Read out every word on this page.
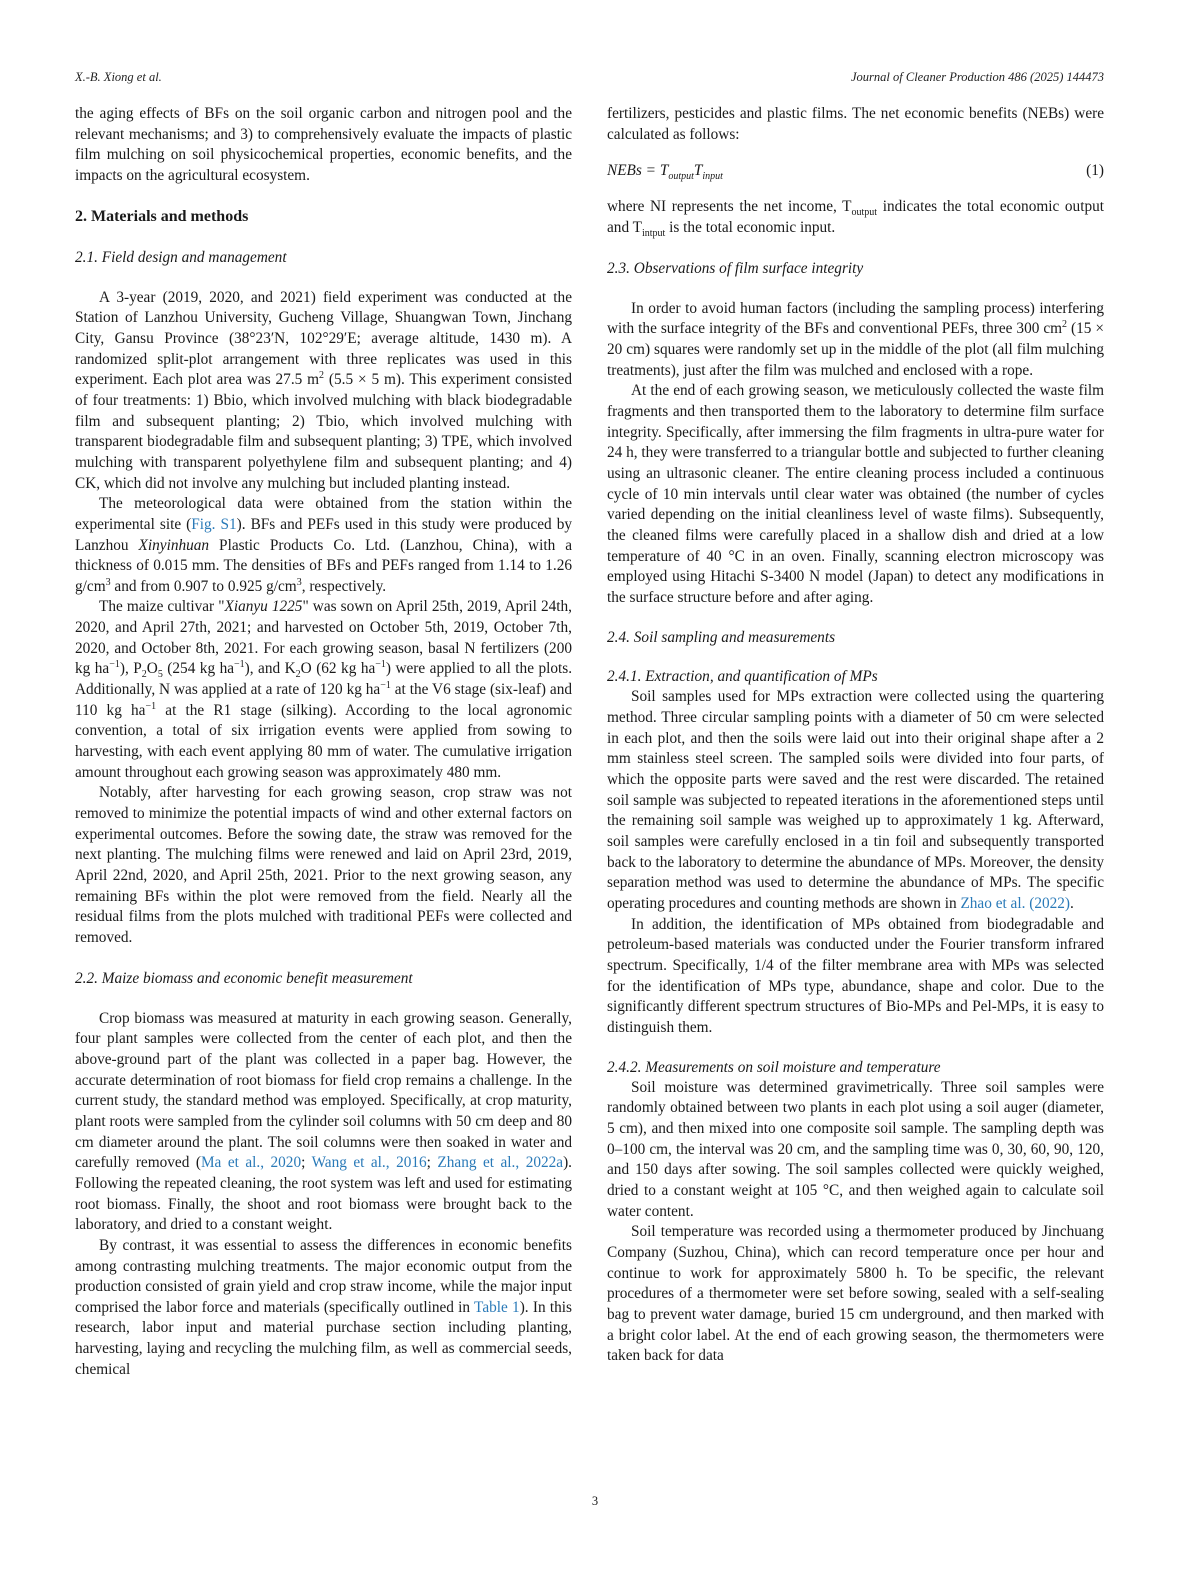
X.-B. Xiong et al.	Journal of Cleaner Production 486 (2025) 144473

the aging effects of BFs on the soil organic carbon and nitrogen pool and the relevant mechanisms; and 3) to comprehensively evaluate the impacts of plastic film mulching on soil physicochemical properties, economic benefits, and the impacts on the agricultural ecosystem.

2. Materials and methods
2.1. Field design and management

A 3-year (2019, 2020, and 2021) field experiment was conducted at the Station of Lanzhou University, Gucheng Village, Shuangwan Town, Jinchang City, Gansu Province (38°23′N, 102°29′E; average altitude, 1430 m). A randomized split-plot arrangement with three replicates was used in this experiment. Each plot area was 27.5 $m^2$ (5.5 × 5 m). This experiment consisted of four treatments: 1) Bbio, which involved mulching with black biodegradable film and subsequent planting; 2) Tbio, which involved mulching with transparent biodegradable film and subsequent planting; 3) TPE, which involved mulching with transparent polyethylene film and subsequent planting; and 4) CK, which did not involve any mulching but included planting instead.

The meteorological data were obtained from the station within the experimental site (Fig. S1). BFs and PEFs used in this study were produced by Lanzhou Xinyinhuan Plastic Products Co. Ltd. (Lanzhou, China), with a thickness of 0.015 mm. The densities of BFs and PEFs ranged from 1.14 to 1.26 $g/cm^3$ and from 0.907 to 0.925 $g/cm^3$, respectively.

The maize cultivar "Xianyu 1225" was sown on April 25th, 2019, April 24th, 2020, and April 27th, 2021; and harvested on October 5th, 2019, October 7th, 2020, and October 8th, 2021. For each growing season, basal N fertilizers (200 kg $ha^{-1}$), $P_2O_5$ (254 kg $ha^{-1}$), and $K_2O$ (62 kg $ha^{-1}$) were applied to all the plots. Additionally, N was applied at a rate of 120 kg $ha^{-1}$ at the V6 stage (six-leaf) and 110 kg $ha^{-1}$ at the R1 stage (silking). According to the local agronomic convention, a total of six irrigation events were applied from sowing to harvesting, with each event applying 80 mm of water. The cumulative irrigation amount throughout each growing season was approximately 480 mm.

Notably, after harvesting for each growing season, crop straw was not removed to minimize the potential impacts of wind and other external factors on experimental outcomes. Before the sowing date, the straw was removed for the next planting. The mulching films were renewed and laid on April 23rd, 2019, April 22nd, 2020, and April 25th, 2021. Prior to the next growing season, any remaining BFs within the plot were removed from the field. Nearly all the residual films from the plots mulched with traditional PEFs were collected and removed.

2.2. Maize biomass and economic benefit measurement

Crop biomass was measured at maturity in each growing season. Generally, four plant samples were collected from the center of each plot, and then the above-ground part of the plant was collected in a paper bag. However, the accurate determination of root biomass for field crop remains a challenge. In the current study, the standard method was employed. Specifically, at crop maturity, plant roots were sampled from the cylinder soil columns with 50 cm deep and 80 cm diameter around the plant. The soil columns were then soaked in water and carefully removed (Ma et al., 2020; Wang et al., 2016; Zhang et al., 2022a). Following the repeated cleaning, the root system was left and used for estimating root biomass. Finally, the shoot and root biomass were brought back to the laboratory, and dried to a constant weight.

By contrast, it was essential to assess the differences in economic benefits among contrasting mulching treatments. The major economic output from the production consisted of grain yield and crop straw income, while the major input comprised the labor force and materials (specifically outlined in Table 1). In this research, labor input and material purchase section including planting, harvesting, laying and recycling the mulching film, as well as commercial seeds, chemical

fertilizers, pesticides and plastic films. The net economic benefits (NEBs) were calculated as follows:

NEBs = $T_{output}T_{input}$	(1)

where NI represents the net income, $T_{output}$ indicates the total economic output and $T_{intput}$ is the total economic input.

2.3. Observations of film surface integrity

In order to avoid human factors (including the sampling process) interfering with the surface integrity of the BFs and conventional PEFs, three 300 $cm^2$ (15 × 20 cm) squares were randomly set up in the middle of the plot (all film mulching treatments), just after the film was mulched and enclosed with a rope.

At the end of each growing season, we meticulously collected the waste film fragments and then transported them to the laboratory to determine film surface integrity. Specifically, after immersing the film fragments in ultra-pure water for 24 h, they were transferred to a triangular bottle and subjected to further cleaning using an ultrasonic cleaner. The entire cleaning process included a continuous cycle of 10 min intervals until clear water was obtained (the number of cycles varied depending on the initial cleanliness level of waste films). Subsequently, the cleaned films were carefully placed in a shallow dish and dried at a low temperature of 40 °C in an oven. Finally, scanning electron microscopy was employed using Hitachi S-3400 N model (Japan) to detect any modifications in the surface structure before and after aging.

2.4. Soil sampling and measurements
2.4.1. Extraction, and quantification of MPs

Soil samples used for MPs extraction were collected using the quartering method. Three circular sampling points with a diameter of 50 cm were selected in each plot, and then the soils were laid out into their original shape after a 2 mm stainless steel screen. The sampled soils were divided into four parts, of which the opposite parts were saved and the rest were discarded. The retained soil sample was subjected to repeated iterations in the aforementioned steps until the remaining soil sample was weighed up to approximately 1 kg. Afterward, soil samples were carefully enclosed in a tin foil and subsequently transported back to the laboratory to determine the abundance of MPs. Moreover, the density separation method was used to determine the abundance of MPs. The specific operating procedures and counting methods are shown in Zhao et al. (2022).

In addition, the identification of MPs obtained from biodegradable and petroleum-based materials was conducted under the Fourier transform infrared spectrum. Specifically, 1/4 of the filter membrane area with MPs was selected for the identification of MPs type, abundance, shape and color. Due to the significantly different spectrum structures of Bio-MPs and Pel-MPs, it is easy to distinguish them.

2.4.2. Measurements on soil moisture and temperature

Soil moisture was determined gravimetrically. Three soil samples were randomly obtained between two plants in each plot using a soil auger (diameter, 5 cm), and then mixed into one composite soil sample. The sampling depth was 0–100 cm, the interval was 20 cm, and the sampling time was 0, 30, 60, 90, 120, and 150 days after sowing. The soil samples collected were quickly weighed, dried to a constant weight at 105 °C, and then weighed again to calculate soil water content.

Soil temperature was recorded using a thermometer produced by Jinchuang Company (Suzhou, China), which can record temperature once per hour and continue to work for approximately 5800 h. To be specific, the relevant procedures of a thermometer were set before sowing, sealed with a self-sealing bag to prevent water damage, buried 15 cm underground, and then marked with a bright color label. At the end of each growing season, the thermometers were taken back for data

3
